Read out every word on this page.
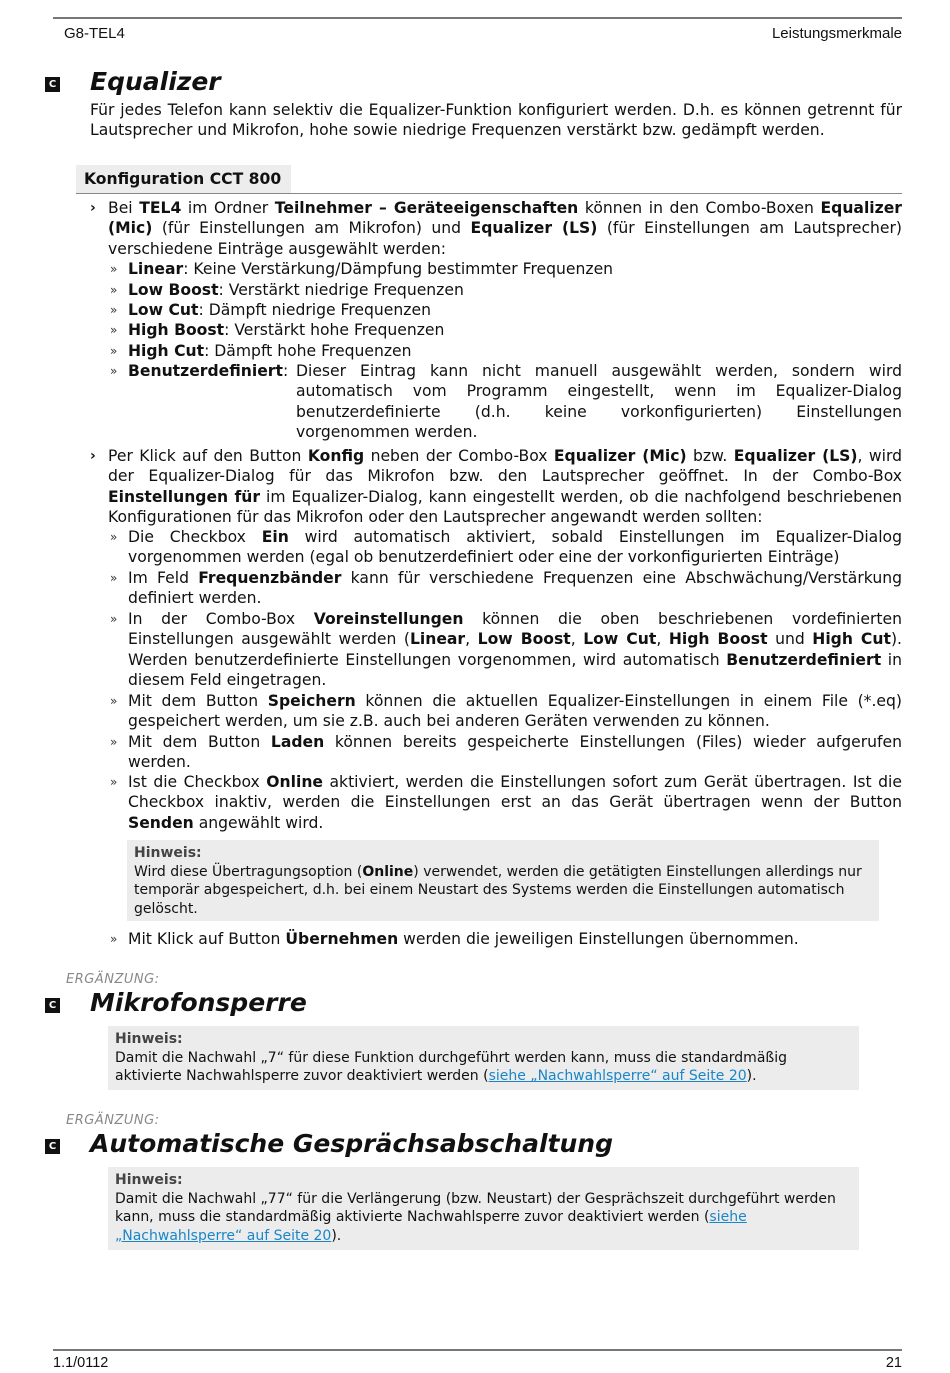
G8-TEL4	Leistungsmerkmale
C Equalizer

Für jedes Telefon kann selektiv die Equalizer-Funktion konfiguriert werden. D.h. es können getrennt für Lautsprecher und Mikrofon, hohe sowie niedrige Frequenzen verstärkt bzw. gedämpft werden.

Konfiguration CCT 800
› Bei TEL4 im Ordner Teilnehmer – Geräteeigenschaften können in den Combo-Boxen Equalizer (Mic) (für Einstellungen am Mikrofon) und Equalizer (LS) (für Einstellungen am Lautsprecher) verschiedene Einträge ausgewählt werden:

» Linear: Keine Verstärkung/Dämpfung bestimmter Frequenzen

» Low Boost: Verstärkt niedrige Frequenzen

» Low Cut: Dämpft niedrige Frequenzen

» High Boost: Verstärkt hohe Frequenzen

» High Cut: Dämpft hohe Frequenzen

» Benutzerdefiniert: Dieser Eintrag kann nicht manuell ausgewählt werden, sondern wird automatisch vom Programm eingestellt, wenn im Equalizer-Dialog benutzerdefinierte (d.h. keine vorkonfigurierten) Einstellungen vorgenommen werden.

› Per Klick auf den Button Konfig neben der Combo-Box Equalizer (Mic) bzw. Equalizer (LS), wird der Equalizer-Dialog für das Mikrofon bzw. den Lautsprecher geöffnet. In der Combo-Box Einstellungen für im Equalizer-Dialog, kann eingestellt werden, ob die nachfolgend beschriebenen Konfigurationen für das Mikrofon oder den Lautsprecher angewandt werden sollten:

» Die Checkbox Ein wird automatisch aktiviert, sobald Einstellungen im Equalizer-Dialog vorgenommen werden (egal ob benutzerdefiniert oder eine der vorkonfigurierten Einträge)

» Im Feld Frequenzbänder kann für verschiedene Frequenzen eine Abschwächung/Verstärkung definiert werden.

» In der Combo-Box Voreinstellungen können die oben beschriebenen vordefinierten Einstellungen ausgewählt werden (Linear, Low Boost, Low Cut, High Boost und High Cut). Werden benutzerdefinierte Einstellungen vorgenommen, wird automatisch Benutzerdefiniert in diesem Feld eingetragen.

» Mit dem Button Speichern können die aktuellen Equalizer-Einstellungen in einem File (*.eq) gespeichert werden, um sie z.B. auch bei anderen Geräten verwenden zu können.

» Mit dem Button Laden können bereits gespeicherte Einstellungen (Files) wieder aufgerufen werden.

» Ist die Checkbox Online aktiviert, werden die Einstellungen sofort zum Gerät übertragen. Ist die Checkbox inaktiv, werden die Einstellungen erst an das Gerät übertragen wenn der Button Senden angewählt wird.

Hinweis:
Wird diese Übertragungsoption (Online) verwendet, werden die getätigten Einstellungen allerdings nur temporär abgespeichert, d.h. bei einem Neustart des Systems werden die Einstellungen automatisch gelöscht.
» Mit Klick auf Button Übernehmen werden die jeweiligen Einstellungen übernommen.

ERGÄNZUNG:
C Mikrofonsperre
Hinweis:
Damit die Nachwahl „7“ für diese Funktion durchgeführt werden kann, muss die standardmäßig aktivierte Nachwahlsperre zuvor deaktiviert werden (siehe „Nachwahlsperre“ auf Seite 20).
ERGÄNZUNG:
C Automatische Gesprächsabschaltung
Hinweis:
Damit die Nachwahl „77“ für die Verlängerung (bzw. Neustart) der Gesprächszeit durchgeführt werden kann, muss die standardmäßig aktivierte Nachwahlsperre zuvor deaktiviert werden (siehe „Nachwahlsperre“ auf Seite 20).
1.1/0112	21
